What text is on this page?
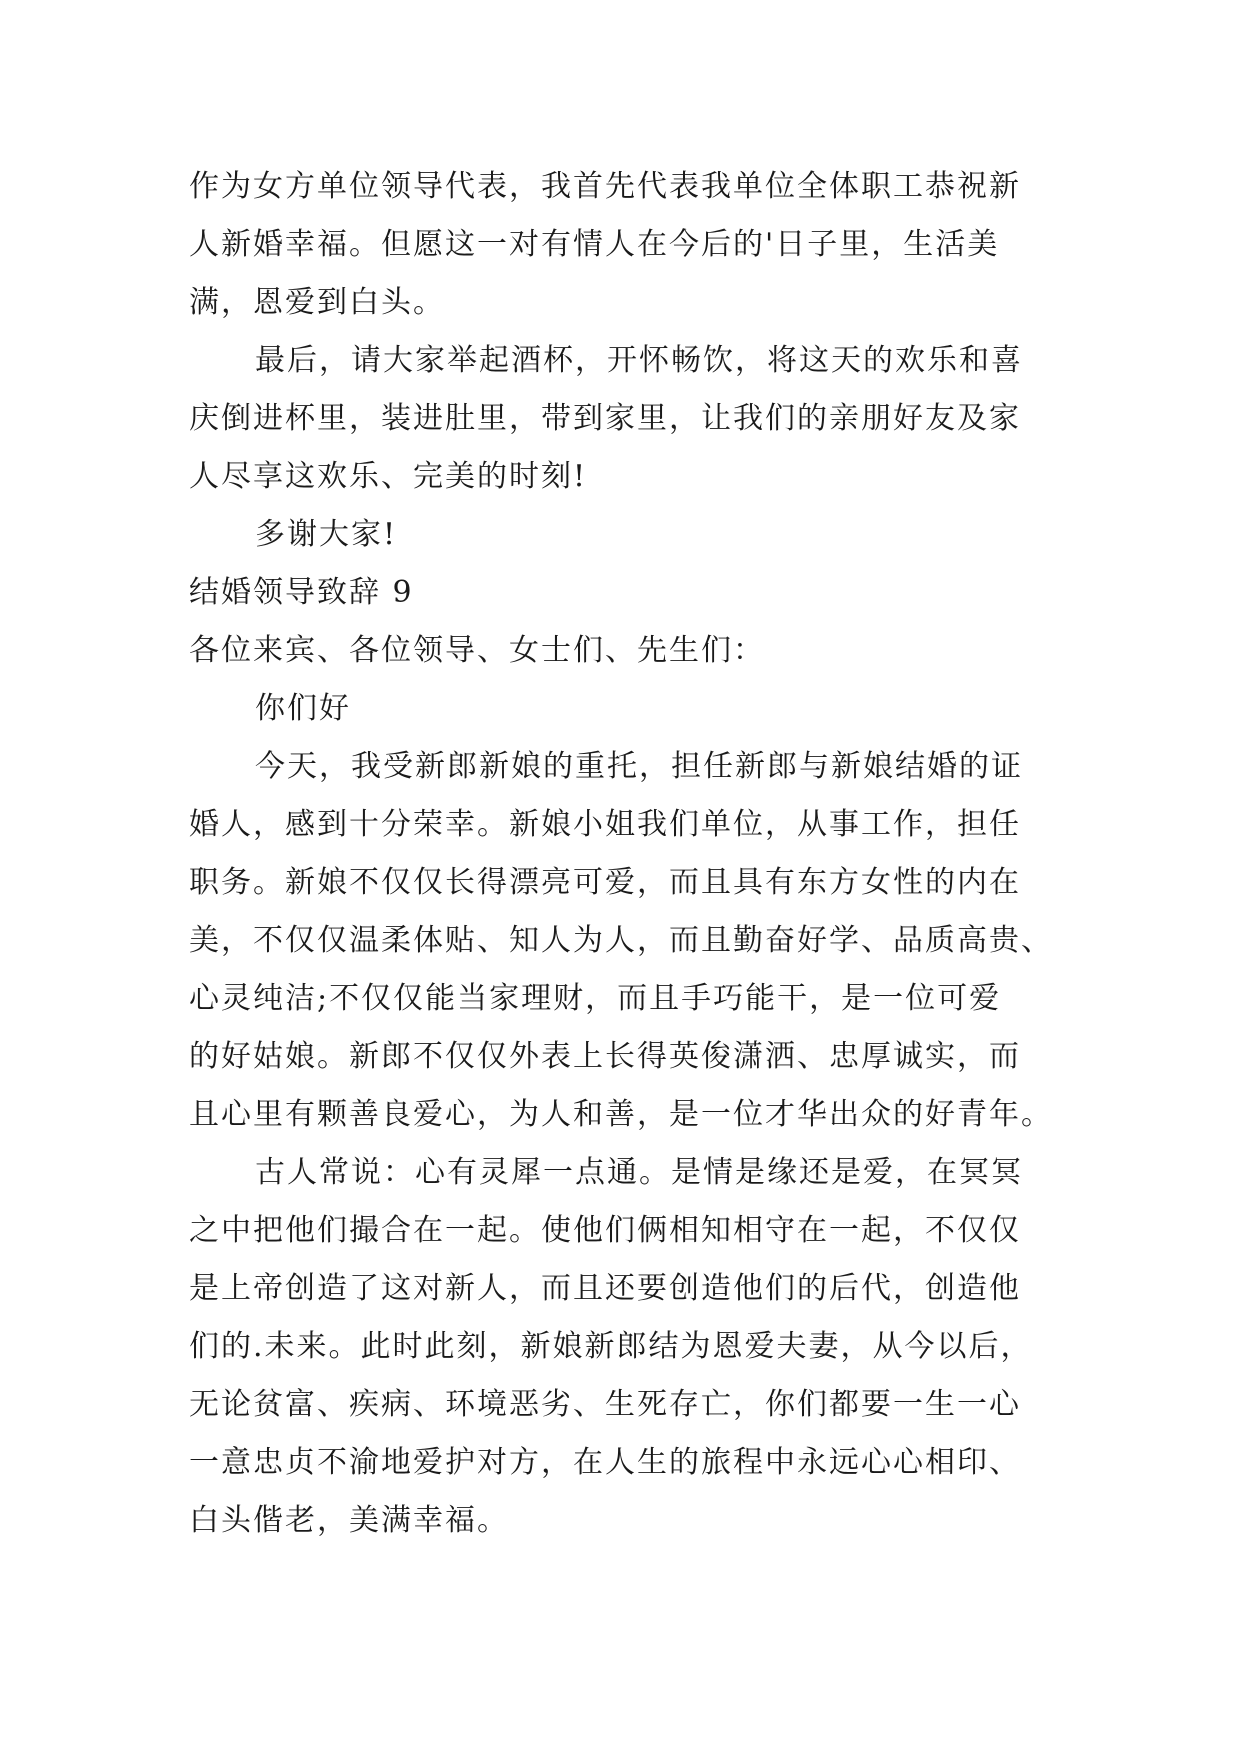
作为女方单位领导代表，我首先代表我单位全体职工恭祝新
人新婚幸福。但愿这一对有情人在今后的'日子里，生活美
满，恩爱到白头。
最后，请大家举起酒杯，开怀畅饮，将这天的欢乐和喜
庆倒进杯里，装进肚里，带到家里，让我们的亲朋好友及家
人尽享这欢乐、完美的时刻!
多谢大家!
结婚领导致辞 9
各位来宾、各位领导、女士们、先生们：
你们好
今天，我受新郎新娘的重托，担任新郎与新娘结婚的证
婚人，感到十分荣幸。新娘小姐我们单位，从事工作，担任
职务。新娘不仅仅长得漂亮可爱，而且具有东方女性的内在
美，不仅仅温柔体贴、知人为人，而且勤奋好学、品质高贵、
心灵纯洁;不仅仅能当家理财，而且手巧能干，是一位可爱
的好姑娘。新郎不仅仅外表上长得英俊潇洒、忠厚诚实，而
且心里有颗善良爱心，为人和善，是一位才华出众的好青年。
古人常说：心有灵犀一点通。是情是缘还是爱，在冥冥
之中把他们撮合在一起。使他们俩相知相守在一起，不仅仅
是上帝创造了这对新人，而且还要创造他们的后代，创造他
们的.未来。此时此刻，新娘新郎结为恩爱夫妻，从今以后，
无论贫富、疾病、环境恶劣、生死存亡，你们都要一生一心
一意忠贞不渝地爱护对方，在人生的旅程中永远心心相印、
白头偕老，美满幸福。
